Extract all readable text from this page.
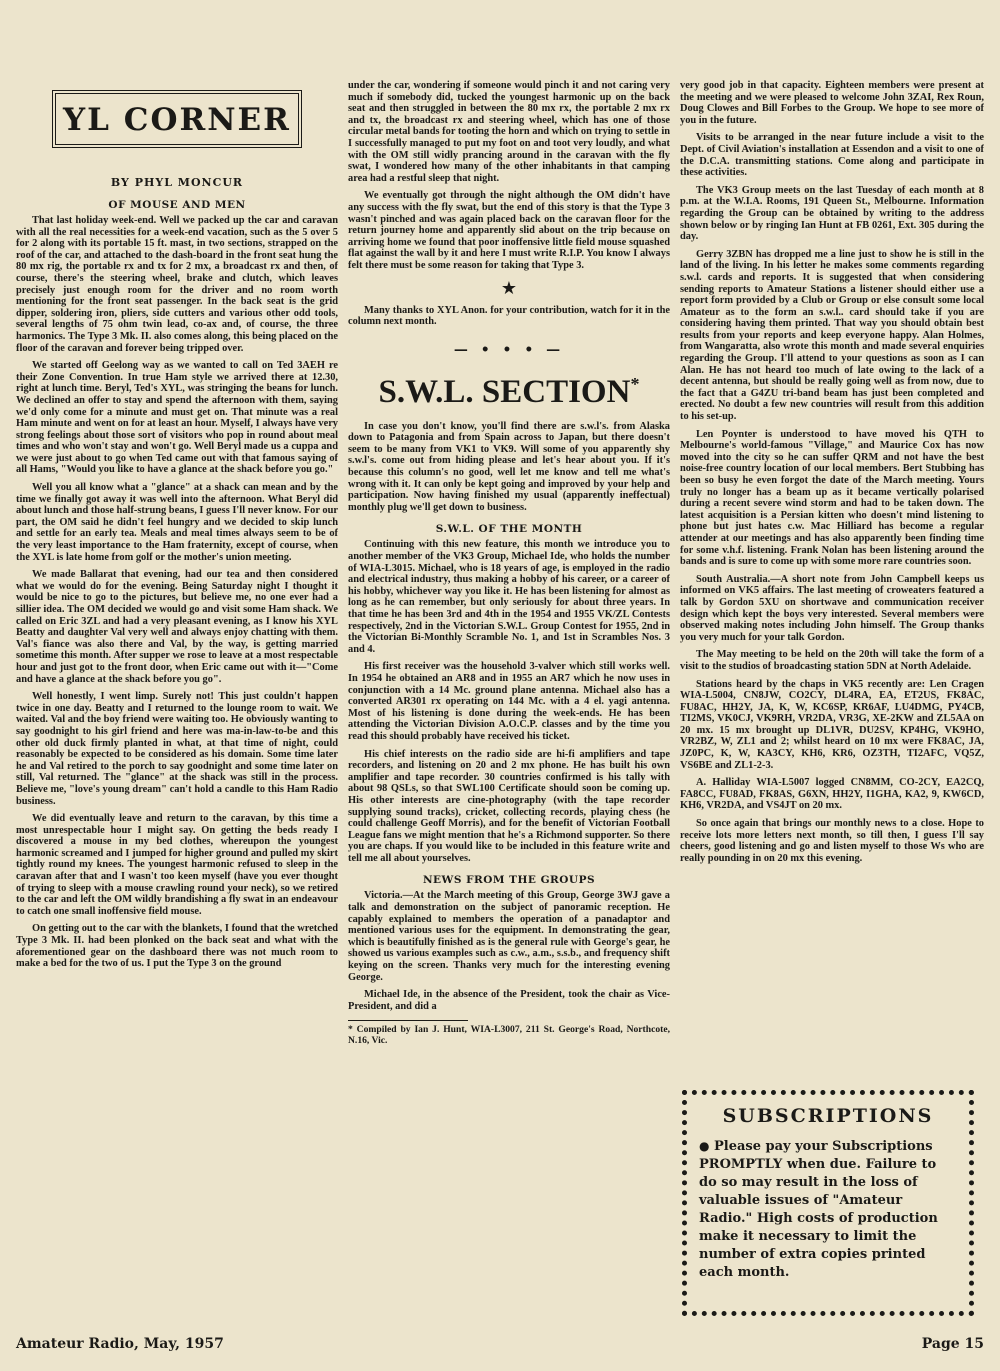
YL CORNER
BY PHYL MONCUR
OF MOUSE AND MEN

That last holiday week-end. Well we packed up the car and caravan with all the real necessities for a week-end vacation, such as the 5 over 5 for 2 along with its portable 15 ft. mast, in two sections, strapped on the roof of the car, and attached to the dash-board in the front seat hung the 80 mx rig, the portable rx and tx for 2 mx, a broadcast rx and then, of course, there's the steering wheel, brake and clutch, which leaves precisely just enough room for the driver and no room worth mentioning for the front seat passenger. In the back seat is the grid dipper, soldering iron, pliers, side cutters and various other odd tools, several lengths of 75 ohm twin lead, co-ax and, of course, the three harmonics. The Type 3 Mk. II. also comes along, this being placed on the floor of the caravan and forever being tripped over.

We started off Geelong way as we wanted to call on Ted 3AEH re their Zone Convention. In true Ham style we arrived there at 12.30, right at lunch time. Beryl, Ted's XYL, was stringing the beans for lunch. We declined an offer to stay and spend the afternoon with them, saying we'd only come for a minute and must get on. That minute was a real Ham minute and went on for at least an hour. Myself, I always have very strong feelings about those sort of visitors who pop in round about meal times and who won't stay and won't go. Well Beryl made us a cuppa and we were just about to go when Ted came out with that famous saying of all Hams, "Would you like to have a glance at the shack before you go."

Well you all know what a "glance" at a shack can mean and by the time we finally got away it was well into the afternoon. What Beryl did about lunch and those half-strung beans, I guess I'll never know. For our part, the OM said he didn't feel hungry and we decided to skip lunch and settle for an early tea. Meals and meal times always seem to be of the very least importance to the Ham fraternity, except of course, when the XYL is late home from golf or the mother's union meeting.

We made Ballarat that evening, had our tea and then considered what we would do for the evening. Being Saturday night I thought it would be nice to go to the pictures, but believe me, no one ever had a sillier idea. The OM decided we would go and visit some Ham shack. We called on Eric 3ZL and had a very pleasant evening, as I know his XYL Beatty and daughter Val very well and always enjoy chatting with them. Val's fiance was also there and Val, by the way, is getting married sometime this month. After supper we rose to leave at a most respectable hour and just got to the front door, when Eric came out with it—"Come and have a glance at the shack before you go".

Well honestly, I went limp. Surely not! This just couldn't happen twice in one day. Beatty and I returned to the lounge room to wait. We waited. Val and the boy friend were waiting too. He obviously wanting to say goodnight to his girl friend and here was ma-in-law-to-be and this other old duck firmly planted in what, at that time of night, could reasonably be expected to be considered as his domain. Some time later he and Val retired to the porch to say goodnight and some time later on still, Val returned. The "glance" at the shack was still in the process. Believe me, "love's young dream" can't hold a candle to this Ham Radio business.

We did eventually leave and return to the caravan, by this time a most unrespectable hour I might say. On getting the beds ready I discovered a mouse in my bed clothes, whereupon the youngest harmonic screamed and I jumped for higher ground and pulled my skirt tightly round my knees. The youngest harmonic refused to sleep in the caravan after that and I wasn't too keen myself (have you ever thought of trying to sleep with a mouse crawling round your neck), so we retired to the car and left the OM wildly brandishing a fly swat in an endeavour to catch one small inoffensive field mouse.

On getting out to the car with the blankets, I found that the wretched Type 3 Mk. II. had been plonked on the back seat and what with the aforementioned gear on the dashboard there was not much room to make a bed for the two of us. I put the Type 3 on the ground

under the car, wondering if someone would pinch it and not caring very much if somebody did, tucked the youngest harmonic up on the back seat and then struggled in between the 80 mx rx, the portable 2 mx rx and tx, the broadcast rx and steering wheel, which has one of those circular metal bands for tooting the horn and which on trying to settle in I successfully managed to put my foot on and toot very loudly, and what with the OM still widly prancing around in the caravan with the fly swat, I wondered how many of the other inhabitants in that camping area had a restful sleep that night.

We eventually got through the night although the OM didn't have any success with the fly swat, but the end of this story is that the Type 3 wasn't pinched and was again placed back on the caravan floor for the return journey home and apparently slid about on the trip because on arriving home we found that poor inoffensive little field mouse squashed flat against the wall by it and here I must write R.I.P. You know I always felt there must be some reason for taking that Type 3.

★

Many thanks to XYL Anon. for your contribution, watch for it in the column next month.

— • • • —
S.W.L. SECTION*

In case you don't know, you'll find there are s.w.l's. from Alaska down to Patagonia and from Spain across to Japan, but there doesn't seem to be many from VK1 to VK9. Will some of you apparently shy s.w.l's. come out from hiding please and let's hear about you. If it's because this column's no good, well let me know and tell me what's wrong with it. It can only be kept going and improved by your help and participation. Now having finished my usual (apparently ineffectual) monthly plug we'll get down to business.

S.W.L. OF THE MONTH

Continuing with this new feature, this month we introduce you to another member of the VK3 Group, Michael Ide, who holds the number of WIA-L3015. Michael, who is 18 years of age, is employed in the radio and electrical industry, thus making a hobby of his career, or a career of his hobby, whichever way you like it. He has been listening for almost as long as he can remember, but only seriously for about three years. In that time he has been 3rd and 4th in the 1954 and 1955 VK/ZL Contests respectively, 2nd in the Victorian S.W.L. Group Contest for 1955, 2nd in the Victorian Bi-Monthly Scramble No. 1, and 1st in Scrambles Nos. 3 and 4.

His first receiver was the household 3-valver which still works well. In 1954 he obtained an AR8 and in 1955 an AR7 which he now uses in conjunction with a 14 Mc. ground plane antenna. Michael also has a converted AR301 rx operating on 144 Mc. with a 4 el. yagi antenna. Most of his listening is done during the week-ends. He has been attending the Victorian Division A.O.C.P. classes and by the time you read this should probably have received his ticket.

His chief interests on the radio side are hi-fi amplifiers and tape recorders, and listening on 20 and 2 mx phone. He has built his own amplifier and tape recorder. 30 countries confirmed is his tally with about 98 QSLs, so that SWL100 Certificate should soon be coming up. His other interests are cine-photography (with the tape recorder supplying sound tracks), cricket, collecting records, playing chess (he could challenge Geoff Morris), and for the benefit of Victorian Football League fans we might mention that he's a Richmond supporter. So there you are chaps. If you would like to be included in this feature write and tell me all about yourselves.

NEWS FROM THE GROUPS

Victoria.—At the March meeting of this Group, George 3WJ gave a talk and demonstration on the subject of panoramic reception. He capably explained to members the operation of a panadaptor and mentioned various uses for the equipment. In demonstrating the gear, which is beautifully finished as is the general rule with George's gear, he showed us various examples such as c.w., a.m., s.s.b., and frequency shift keying on the screen. Thanks very much for the interesting evening George.

Michael Ide, in the absence of the President, took the chair as Vice-President, and did a

* Compiled by Ian J. Hunt, WIA-L3007, 211 St. George's Road, Northcote, N.16, Vic.

very good job in that capacity. Eighteen members were present at the meeting and we were pleased to welcome John 3ZAI, Rex Roun, Doug Clowes and Bill Forbes to the Group. We hope to see more of you in the future.

Visits to be arranged in the near future include a visit to the Dept. of Civil Aviation's installation at Essendon and a visit to one of the D.C.A. transmitting stations. Come along and participate in these activities.

The VK3 Group meets on the last Tuesday of each month at 8 p.m. at the W.I.A. Rooms, 191 Queen St., Melbourne. Information regarding the Group can be obtained by writing to the address shown below or by ringing Ian Hunt at FB 0261, Ext. 305 during the day.

Gerry 3ZBN has dropped me a line just to show he is still in the land of the living. In his letter he makes some comments regarding s.w.l. cards and reports. It is suggested that when considering sending reports to Amateur Stations a listener should either use a report form provided by a Club or Group or else consult some local Amateur as to the form an s.w.l.. card should take if you are considering having them printed. That way you should obtain best results from your reports and keep everyone happy. Alan Holmes, from Wangaratta, also wrote this month and made several enquiries regarding the Group. I'll attend to your questions as soon as I can Alan. He has not heard too much of late owing to the lack of a decent antenna, but should be really going well as from now, due to the fact that a G4ZU tri-band beam has just been completed and erected. No doubt a few new countries will result from this addition to his set-up.

Len Poynter is understood to have moved his QTH to Melbourne's world-famous "Village," and Maurice Cox has now moved into the city so he can suffer QRM and not have the best noise-free country location of our local members. Bert Stubbing has been so busy he even forgot the date of the March meeting. Yours truly no longer has a beam up as it became vertically polarised during a recent severe wind storm and had to be taken down. The latest acquisition is a Persian kitten who doesn't mind listening to phone but just hates c.w. Mac Hilliard has become a regular attender at our meetings and has also apparently been finding time for some v.h.f. listening. Frank Nolan has been listening around the bands and is sure to come up with some more rare countries soon.

South Australia.—A short note from John Campbell keeps us informed on VK5 affairs. The last meeting of croweaters featured a talk by Gordon 5XU on shortwave and communication receiver design which kept the boys very interested. Several members were observed making notes including John himself. The Group thanks you very much for your talk Gordon.

The May meeting to be held on the 20th will take the form of a visit to the studios of broadcasting station 5DN at North Adelaide.

Stations heard by the chaps in VK5 recently are: Len Cragen WIA-L5004, CN8JW, CO2CY, DL4RA, EA, ET2US, FK8AC, FU8AC, HH2Y, JA, K, W, KC6SP, KR6AF, LU4DMG, PY4CB, TI2MS, VK0CJ, VK9RH, VR2DA, VR3G, XE-2KW and ZL5AA on 20 mx. 15 mx brought up DL1VR, DU2SV, KP4HG, VK9HO, VR2BZ, W, ZL1 and 2; whilst heard on 10 mx were FK8AC, JA, JZ0PC, K, W, KA3CY, KH6, KR6, OZ3TH, TI2AFC, VQ5Z, VS6BE and ZL1-2-3.

A. Halliday WIA-L5007 logged CN8MM, CO-2CY, EA2CQ, FA8CC, FU8AD, FK8AS, G6XN, HH2Y, I1GHA, KA2, 9, KW6CD, KH6, VR2DA, and VS4JT on 20 mx.

So once again that brings our monthly news to a close. Hope to receive lots more letters next month, so till then, I guess I'll say cheers, good listening and go and listen myself to those Ws who are really pounding in on 20 mx this evening.

SUBSCRIPTIONS
● Please pay your Subscriptions PROMPTLY when due. Failure to do so may result in the loss of valuable issues of "Amateur Radio." High costs of production make it necessary to limit the number of extra copies printed each month.
Amateur Radio, May, 1957	Page 15
